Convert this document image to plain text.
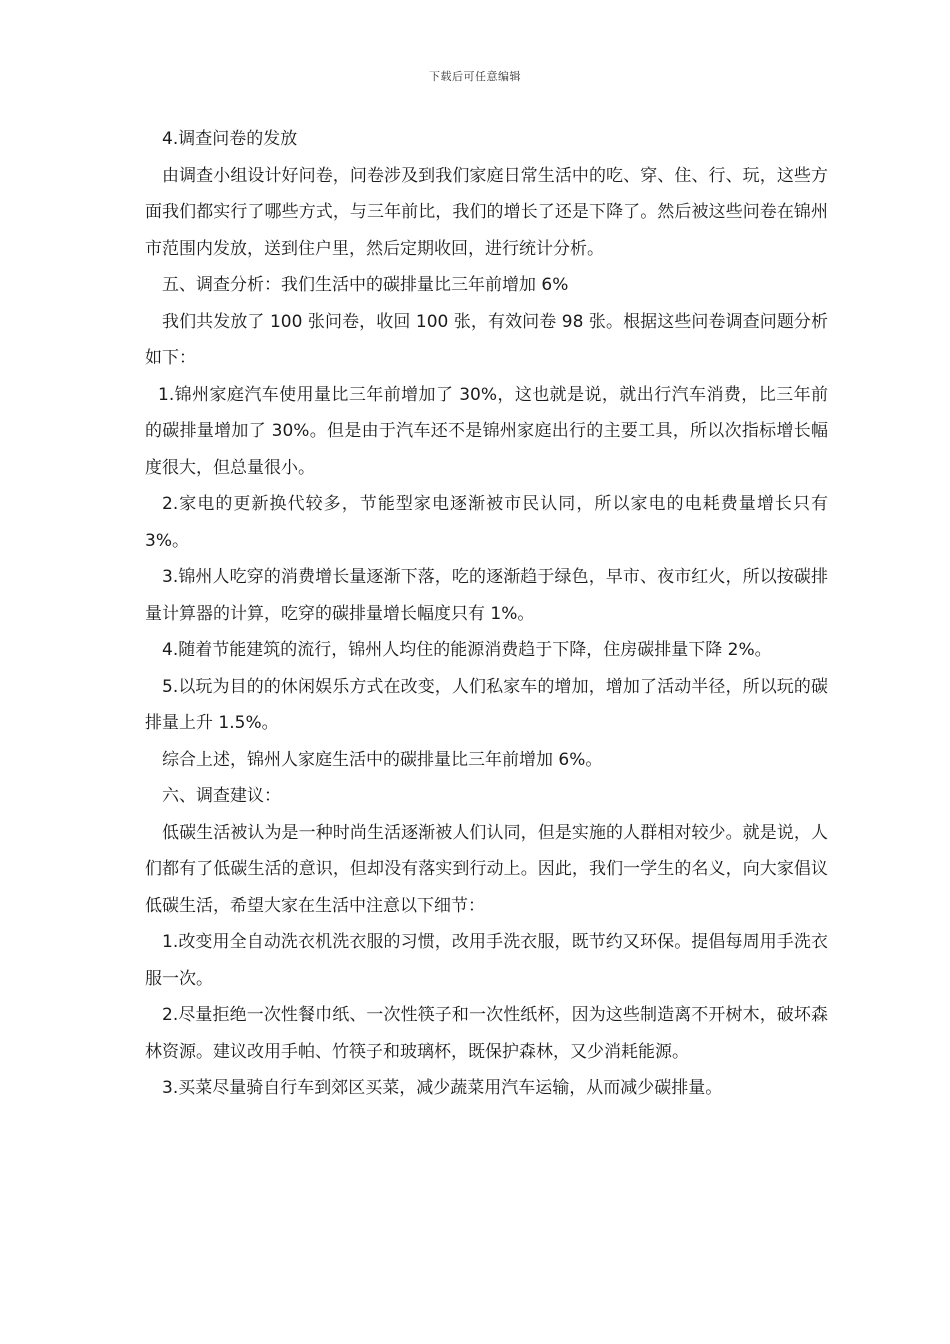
下载后可任意编辑

4.调查问卷的发放

由调查小组设计好问卷，问卷涉及到我们家庭日常生活中的吃、穿、住、行、玩，这些方面我们都实行了哪些方式，与三年前比，我们的增长了还是下降了。然后被这些问卷在锦州市范围内发放，送到住户里，然后定期收回，进行统计分析。

五、调查分析：我们生活中的碳排量比三年前增加 6%

我们共发放了 100 张问卷，收回 100 张，有效问卷 98 张。根据这些问卷调查问题分析如下：

1.锦州家庭汽车使用量比三年前增加了 30%，这也就是说，就出行汽车消费，比三年前的碳排量增加了 30%。但是由于汽车还不是锦州家庭出行的主要工具，所以次指标增长幅度很大，但总量很小。

2.家电的更新换代较多，节能型家电逐渐被市民认同，所以家电的电耗费量增长只有 3%。

3.锦州人吃穿的消费增长量逐渐下落，吃的逐渐趋于绿色，早市、夜市红火，所以按碳排量计算器的计算，吃穿的碳排量增长幅度只有 1%。

4.随着节能建筑的流行，锦州人均住的能源消费趋于下降，住房碳排量下降 2%。

5.以玩为目的的休闲娱乐方式在改变，人们私家车的增加，增加了活动半径，所以玩的碳排量上升 1.5%。

综合上述，锦州人家庭生活中的碳排量比三年前增加 6%。

六、调查建议：

低碳生活被认为是一种时尚生活逐渐被人们认同，但是实施的人群相对较少。就是说，人们都有了低碳生活的意识，但却没有落实到行动上。因此，我们一学生的名义，向大家倡议低碳生活，希望大家在生活中注意以下细节：

1.改变用全自动洗衣机洗衣服的习惯，改用手洗衣服，既节约又环保。提倡每周用手洗衣服一次。

2.尽量拒绝一次性餐巾纸、一次性筷子和一次性纸杯，因为这些制造离不开树木，破坏森林资源。建议改用手帕、竹筷子和玻璃杯，既保护森林，又少消耗能源。

3.买菜尽量骑自行车到郊区买菜，减少蔬菜用汽车运输，从而减少碳排量。
